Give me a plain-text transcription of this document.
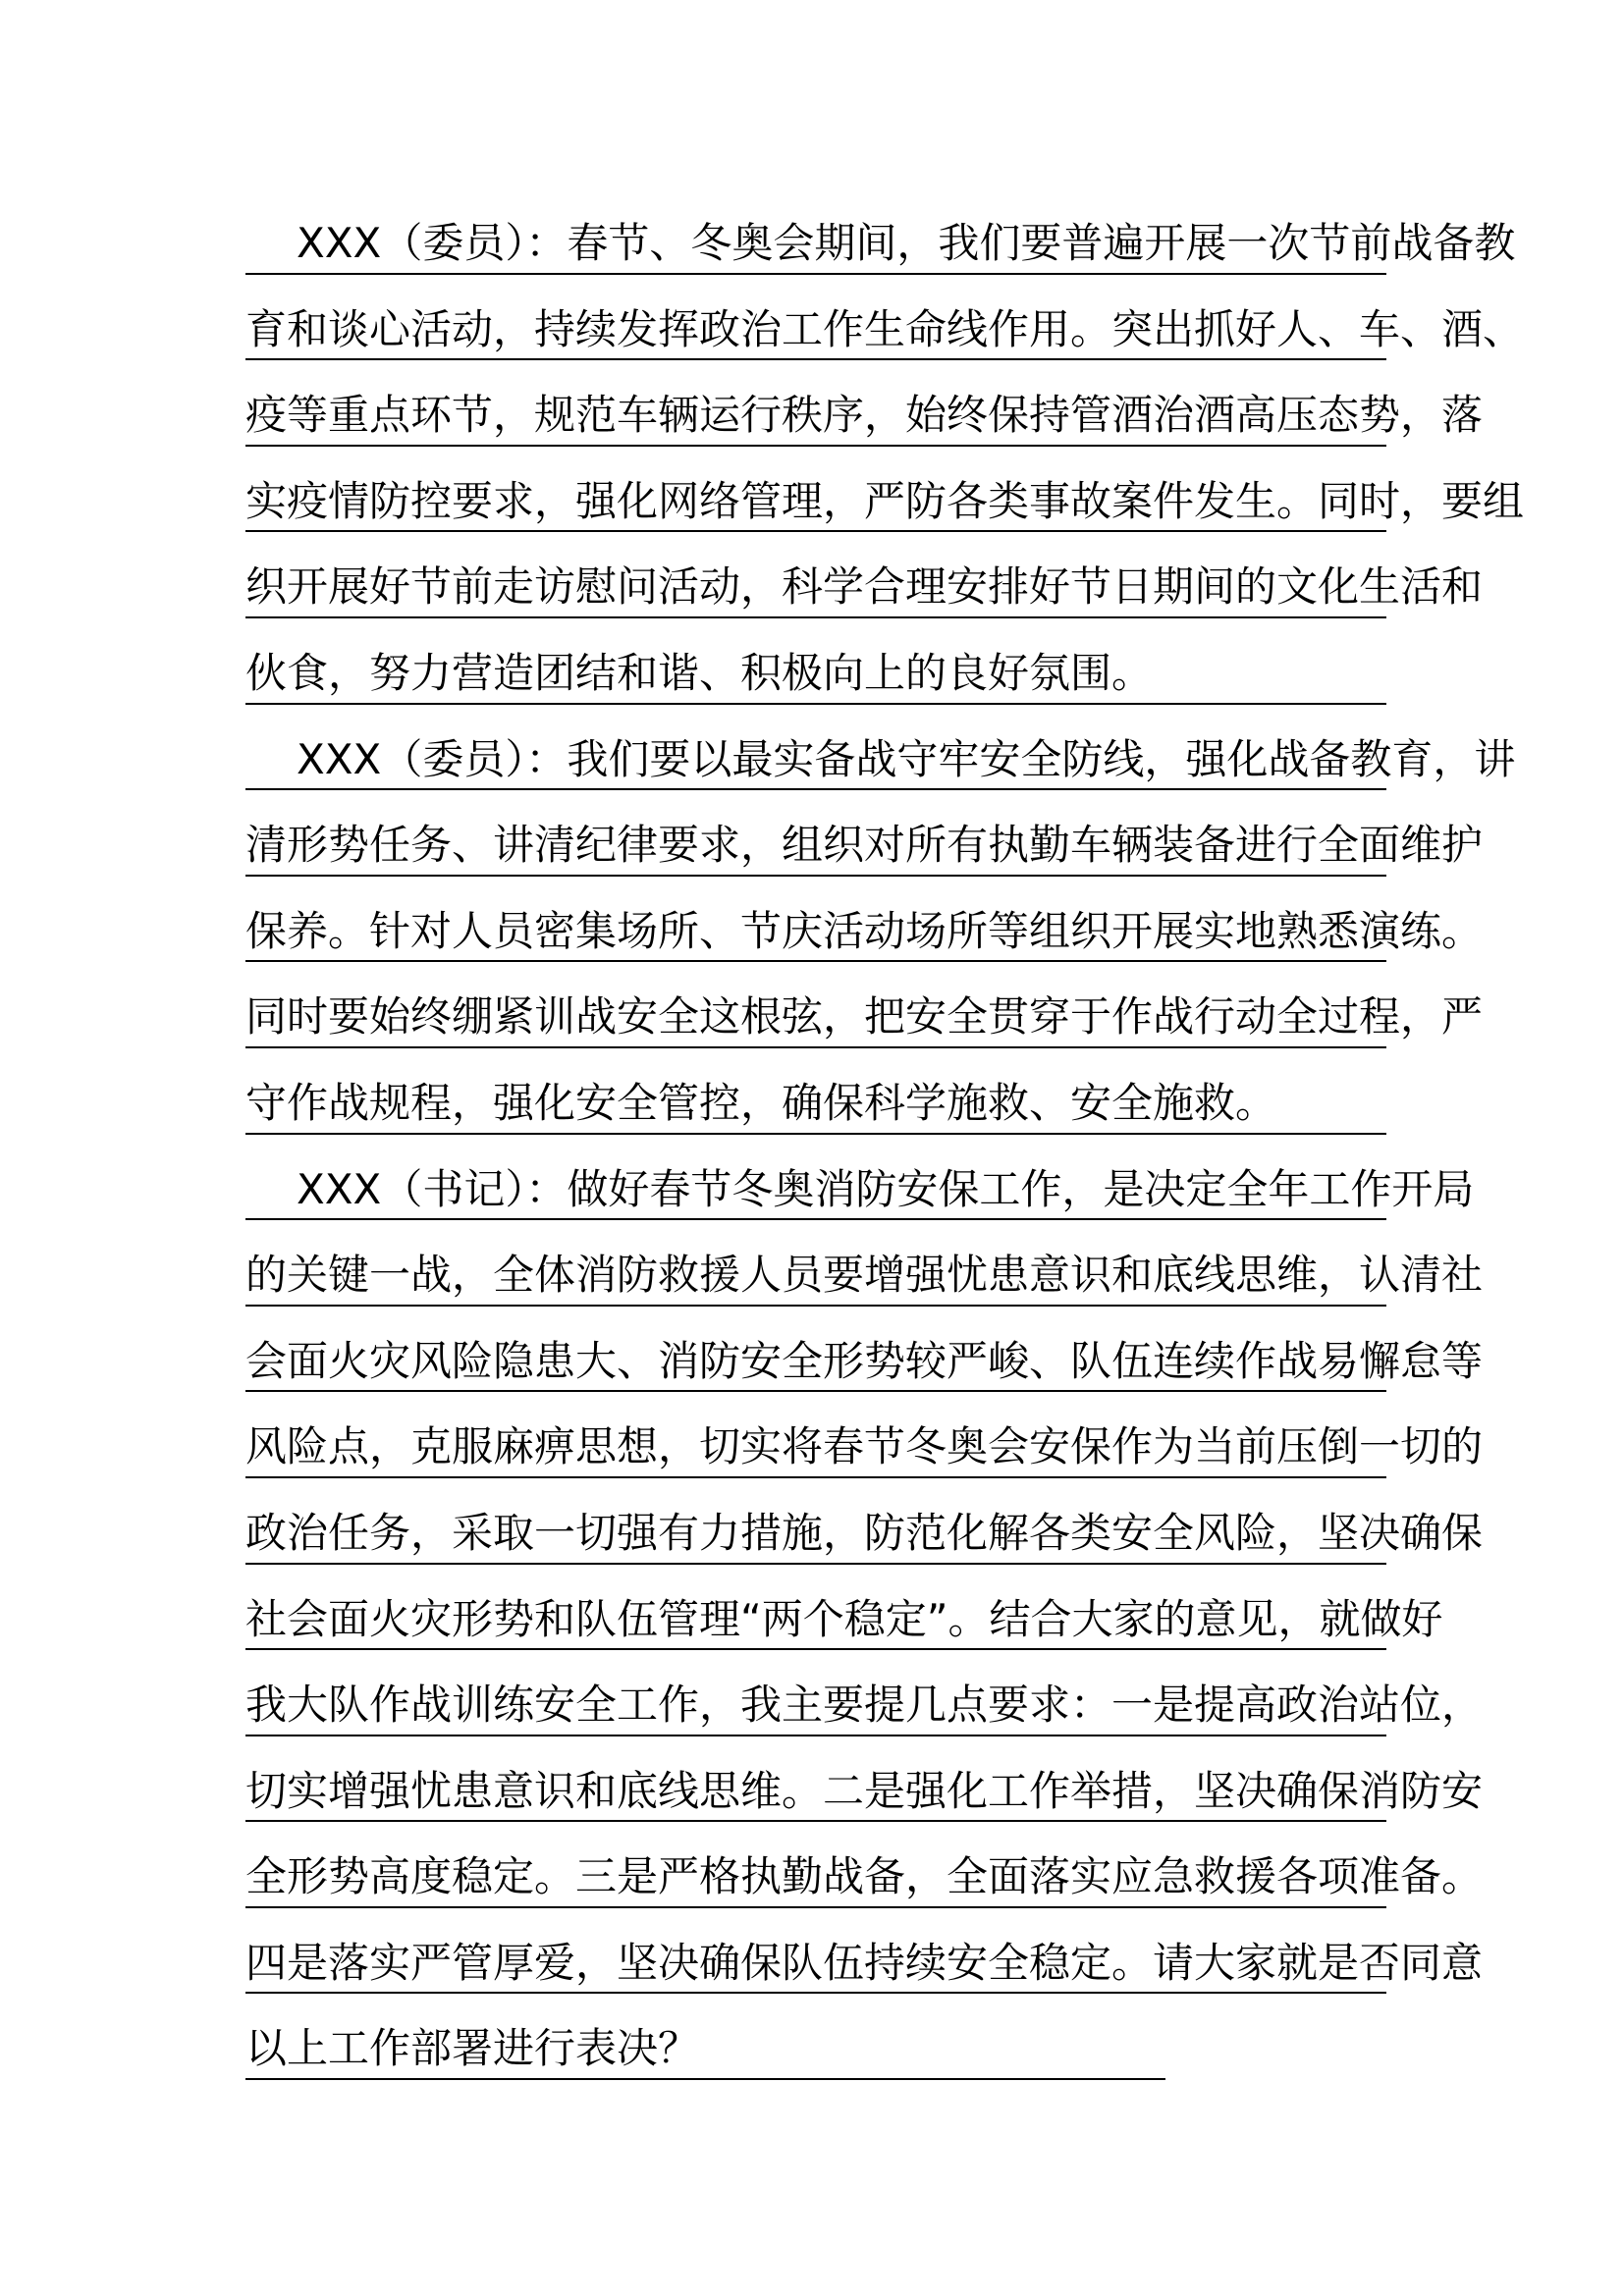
XXX（委员）：春节、冬奥会期间，我们要普遍开展一次节前战备教
育和谈心活动，持续发挥政治工作生命线作用。突出抓好人、车、酒、
疫等重点环节，规范车辆运行秩序，始终保持管酒治酒高压态势，落
实疫情防控要求，强化网络管理，严防各类事故案件发生。同时，要组
织开展好节前走访慰问活动，科学合理安排好节日期间的文化生活和
伙食，努力营造团结和谐、积极向上的良好氛围。
XXX（委员）：我们要以最实备战守牢安全防线，强化战备教育，讲
清形势任务、讲清纪律要求，组织对所有执勤车辆装备进行全面维护
保养。针对人员密集场所、节庆活动场所等组织开展实地熟悉演练。
同时要始终绷紧训战安全这根弦，把安全贯穿于作战行动全过程，严
守作战规程，强化安全管控，确保科学施救、安全施救。
XXX（书记）：做好春节冬奥消防安保工作，是决定全年工作开局
的关键一战，全体消防救援人员要增强忧患意识和底线思维，认清社
会面火灾风险隐患大、消防安全形势较严峻、队伍连续作战易懈怠等
风险点，克服麻痹思想，切实将春节冬奥会安保作为当前压倒一切的
政治任务，采取一切强有力措施，防范化解各类安全风险，坚决确保
社会面火灾形势和队伍管理“两个稳定”。结合大家的意见，就做好
我大队作战训练安全工作，我主要提几点要求：一是提高政治站位，
切实增强忧患意识和底线思维。二是强化工作举措，坚决确保消防安
全形势高度稳定。三是严格执勤战备，全面落实应急救援各项准备。
四是落实严管厚爱，坚决确保队伍持续安全稳定。请大家就是否同意
以上工作部署进行表决？
